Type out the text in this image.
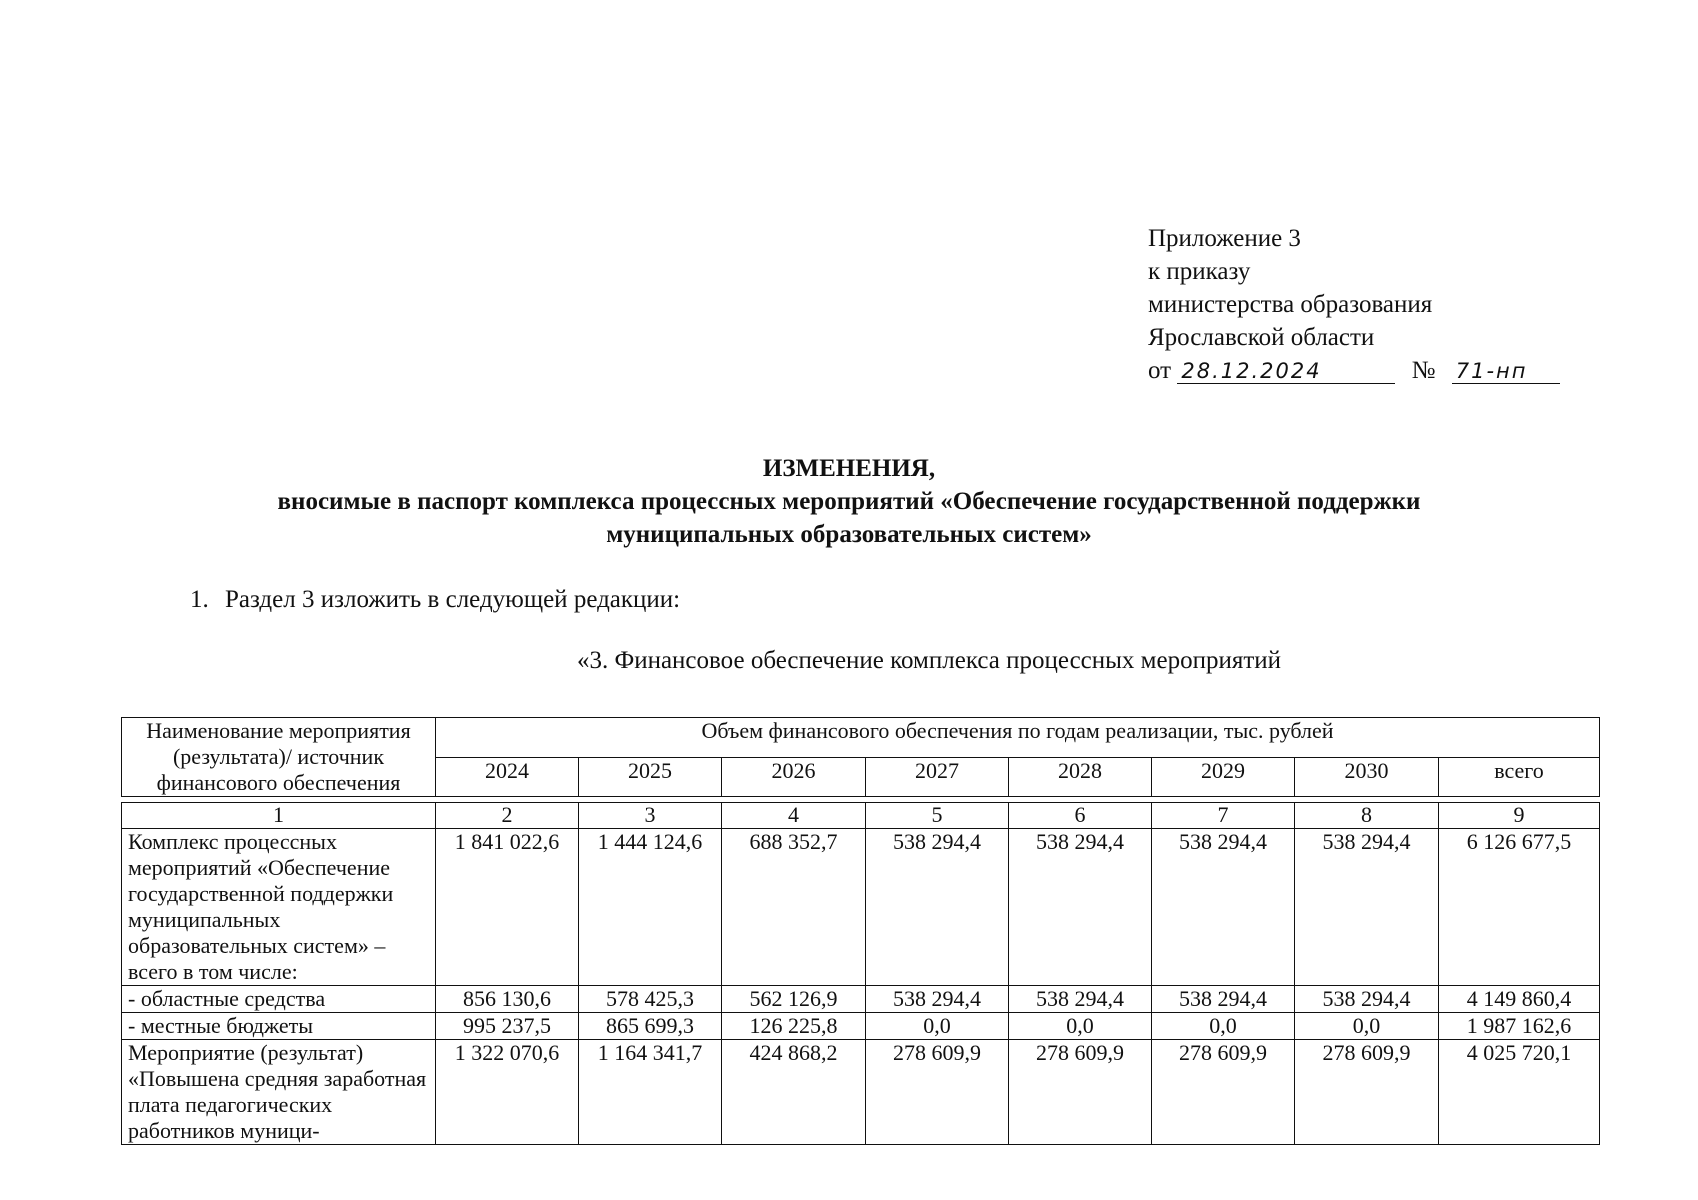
Приложение 3
к приказу
министерства образования
Ярославской области
от 28.12.2024	№ 71-нп
ИЗМЕНЕНИЯ,
вносимые в паспорт комплекса процессных мероприятий «Обеспечение государственной поддержки
муниципальных образовательных систем»
1. Раздел 3 изложить в следующей редакции:
«3. Финансовое обеспечение комплекса процессных мероприятий
Наименование мероприятия (результата)/ источник финансового обеспечения	Объем финансового обеспечения по годам реализации, тыс. рублей							
	2024	2025	2026	2027	2028	2029	2030	всего
1	2	3	4	5	6	7	8	9
Комплекс процессных мероприятий «Обеспечение государственной поддержки муниципальных образовательных систем» – всего в том числе:	1 841 022,6	1 444 124,6	688 352,7	538 294,4	538 294,4	538 294,4	538 294,4	6 126 677,5
- областные средства	856 130,6	578 425,3	562 126,9	538 294,4	538 294,4	538 294,4	538 294,4	4 149 860,4
- местные бюджеты	995 237,5	865 699,3	126 225,8	0,0	0,0	0,0	0,0	1 987 162,6
Мероприятие (результат) «Повышена средняя заработная плата педагогических работников муници-	1 322 070,6	1 164 341,7	424 868,2	278 609,9	278 609,9	278 609,9	278 609,9	4 025 720,1
